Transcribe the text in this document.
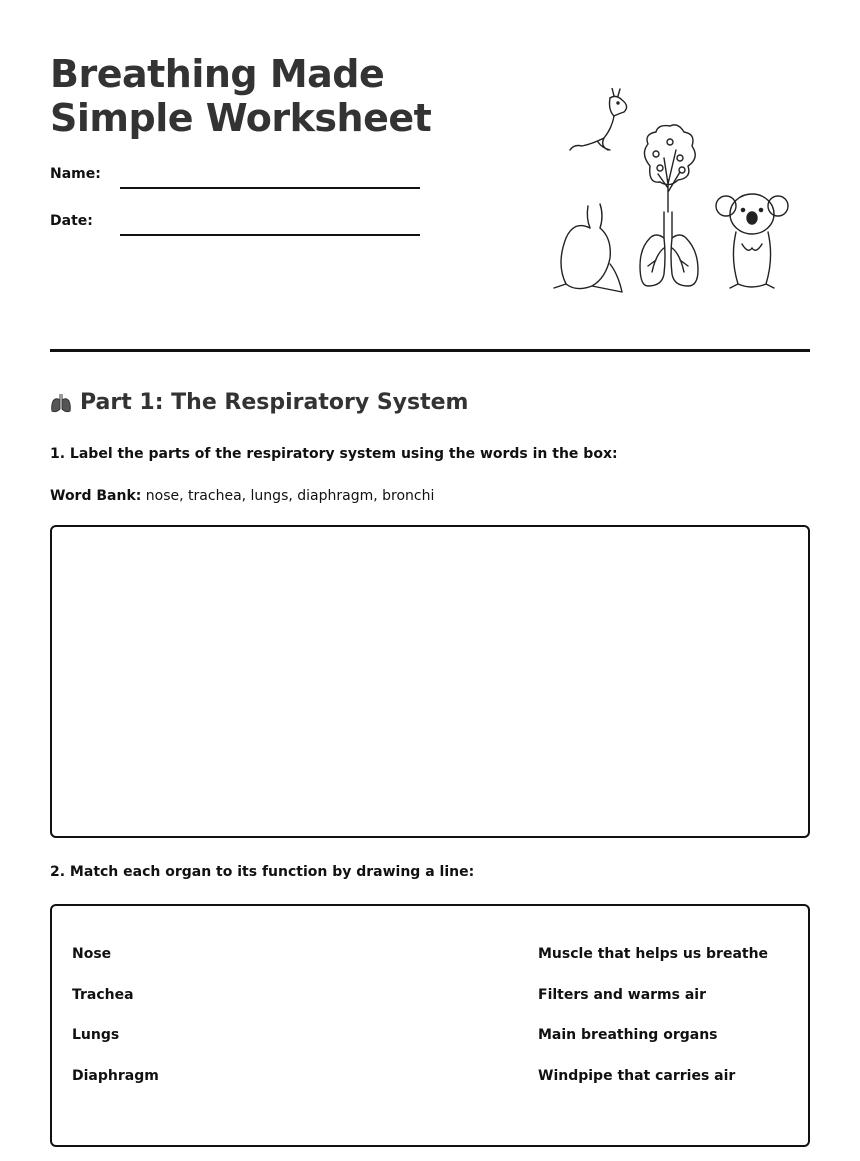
Breathing Made Simple Worksheet
Name:
Date:
Part 1: The Respiratory System
1. Label the parts of the respiratory system using the words in the box:
Word Bank: nose, trachea, lungs, diaphragm, bronchi
2. Match each organ to its function by drawing a line:
Nose
Trachea
Lungs
Diaphragm
Muscle that helps us breathe
Filters and warms air
Main breathing organs
Windpipe that carries air
